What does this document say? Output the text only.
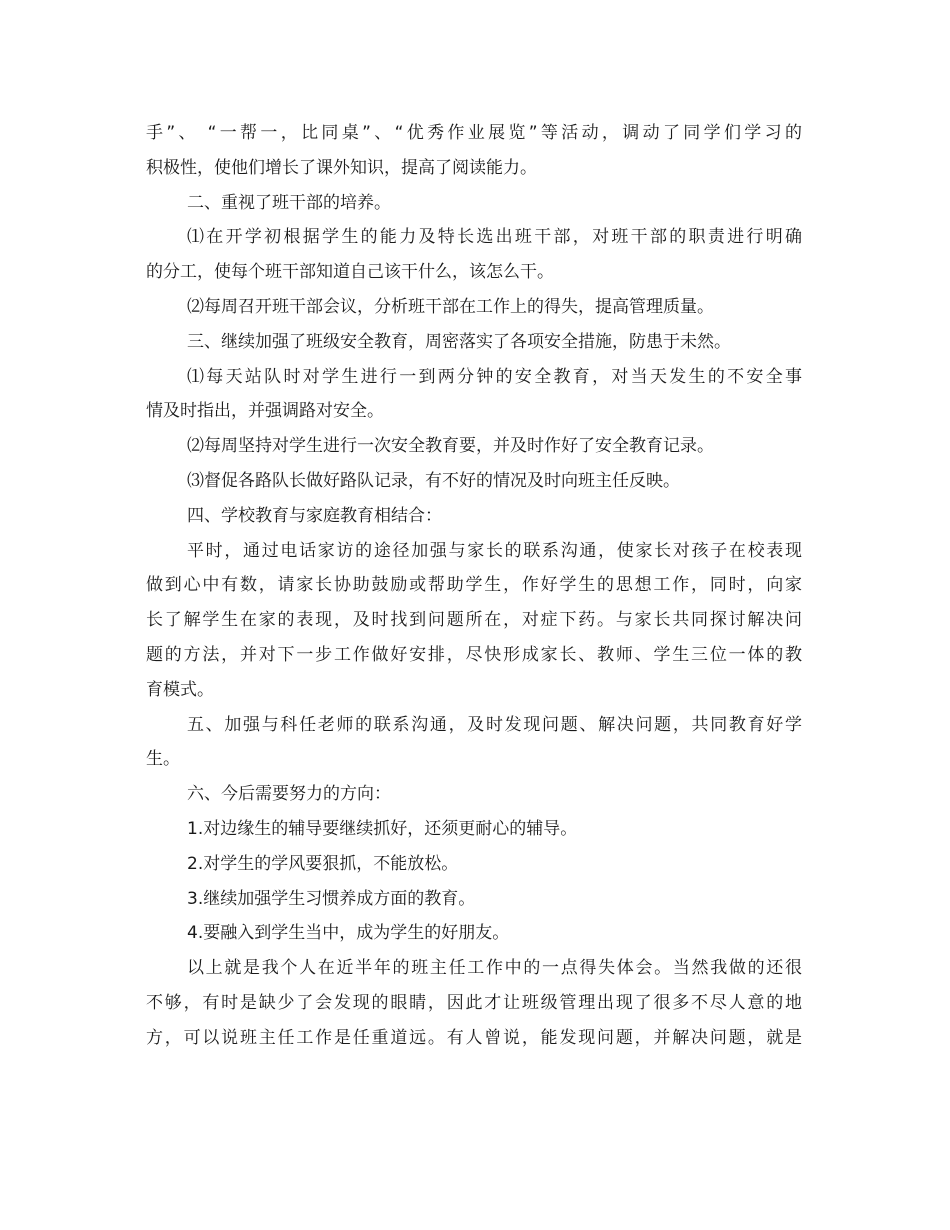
手”、 “一帮一，比同桌”、“优秀作业展览”等活动，调动了同学们学习的
积极性，使他们增长了课外知识，提高了阅读能力。
二、重视了班干部的培养。
⑴在开学初根据学生的能力及特长选出班干部，对班干部的职责进行明确
的分工，使每个班干部知道自己该干什么，该怎么干。
⑵每周召开班干部会议，分析班干部在工作上的得失，提高管理质量。
三、继续加强了班级安全教育，周密落实了各项安全措施，防患于未然。
⑴每天站队时对学生进行一到两分钟的安全教育，对当天发生的不安全事
情及时指出，并强调路对安全。
⑵每周坚持对学生进行一次安全教育要，并及时作好了安全教育记录。
⑶督促各路队长做好路队记录，有不好的情况及时向班主任反映。
四、学校教育与家庭教育相结合：
平时，通过电话家访的途径加强与家长的联系沟通，使家长对孩子在校表现
做到心中有数，请家长协助鼓励或帮助学生，作好学生的思想工作，同时，向家
长了解学生在家的表现，及时找到问题所在，对症下药。与家长共同探讨解决问
题的方法，并对下一步工作做好安排，尽快形成家长、教师、学生三位一体的教
育模式。
五、加强与科任老师的联系沟通，及时发现问题、解决问题，共同教育好学
生。
六、今后需要努力的方向：
1.对边缘生的辅导要继续抓好，还须更耐心的辅导。
2.对学生的学风要狠抓，不能放松。
3.继续加强学生习惯养成方面的教育。
4.要融入到学生当中，成为学生的好朋友。
以上就是我个人在近半年的班主任工作中的一点得失体会。当然我做的还很
不够，有时是缺少了会发现的眼睛，因此才让班级管理出现了很多不尽人意的地
方，可以说班主任工作是任重道远。有人曾说，能发现问题，并解决问题，就是
